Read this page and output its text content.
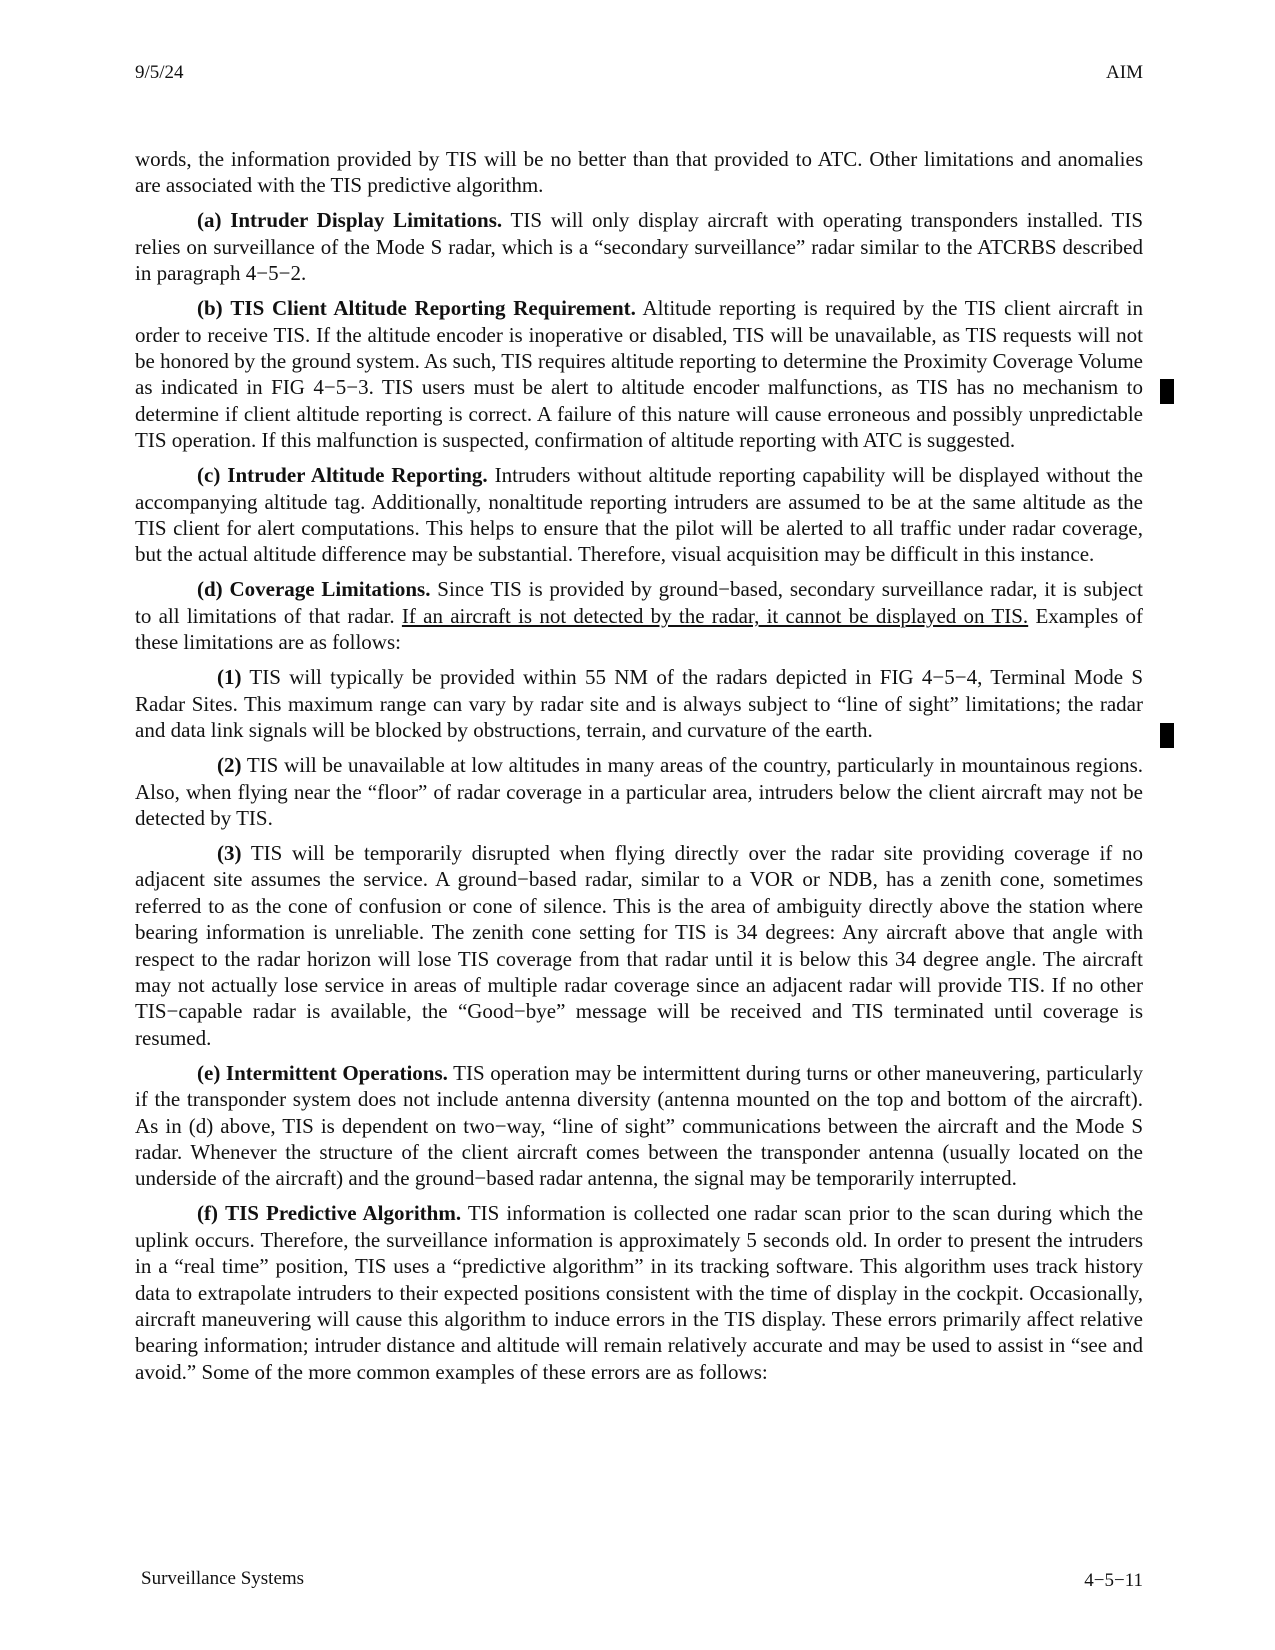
9/5/24	AIM

words, the information provided by TIS will be no better than that provided to ATC. Other limitations and anomalies are associated with the TIS predictive algorithm.

(a) Intruder Display Limitations. TIS will only display aircraft with operating transponders installed. TIS relies on surveillance of the Mode S radar, which is a “secondary surveillance” radar similar to the ATCRBS described in paragraph 4−5−2.

(b) TIS Client Altitude Reporting Requirement. Altitude reporting is required by the TIS client aircraft in order to receive TIS. If the altitude encoder is inoperative or disabled, TIS will be unavailable, as TIS requests will not be honored by the ground system. As such, TIS requires altitude reporting to determine the Proximity Coverage Volume as indicated in FIG 4−5−3. TIS users must be alert to altitude encoder malfunctions, as TIS has no mechanism to determine if client altitude reporting is correct. A failure of this nature will cause erroneous and possibly unpredictable TIS operation. If this malfunction is suspected, confirmation of altitude reporting with ATC is suggested.

(c) Intruder Altitude Reporting. Intruders without altitude reporting capability will be displayed without the accompanying altitude tag. Additionally, nonaltitude reporting intruders are assumed to be at the same altitude as the TIS client for alert computations. This helps to ensure that the pilot will be alerted to all traffic under radar coverage, but the actual altitude difference may be substantial. Therefore, visual acquisition may be difficult in this instance.

(d) Coverage Limitations. Since TIS is provided by ground−based, secondary surveillance radar, it is subject to all limitations of that radar. If an aircraft is not detected by the radar, it cannot be displayed on TIS. Examples of these limitations are as follows:

(1) TIS will typically be provided within 55 NM of the radars depicted in FIG 4−5−4, Terminal Mode S Radar Sites. This maximum range can vary by radar site and is always subject to “line of sight” limitations; the radar and data link signals will be blocked by obstructions, terrain, and curvature of the earth.

(2) TIS will be unavailable at low altitudes in many areas of the country, particularly in mountainous regions. Also, when flying near the “floor” of radar coverage in a particular area, intruders below the client aircraft may not be detected by TIS.

(3) TIS will be temporarily disrupted when flying directly over the radar site providing coverage if no adjacent site assumes the service. A ground−based radar, similar to a VOR or NDB, has a zenith cone, sometimes referred to as the cone of confusion or cone of silence. This is the area of ambiguity directly above the station where bearing information is unreliable. The zenith cone setting for TIS is 34 degrees: Any aircraft above that angle with respect to the radar horizon will lose TIS coverage from that radar until it is below this 34 degree angle. The aircraft may not actually lose service in areas of multiple radar coverage since an adjacent radar will provide TIS. If no other TIS−capable radar is available, the “Good−bye” message will be received and TIS terminated until coverage is resumed.

(e) Intermittent Operations. TIS operation may be intermittent during turns or other maneuvering, particularly if the transponder system does not include antenna diversity (antenna mounted on the top and bottom of the aircraft). As in (d) above, TIS is dependent on two−way, “line of sight” communications between the aircraft and the Mode S radar. Whenever the structure of the client aircraft comes between the transponder antenna (usually located on the underside of the aircraft) and the ground−based radar antenna, the signal may be temporarily interrupted.

(f) TIS Predictive Algorithm. TIS information is collected one radar scan prior to the scan during which the uplink occurs. Therefore, the surveillance information is approximately 5 seconds old. In order to present the intruders in a “real time” position, TIS uses a “predictive algorithm” in its tracking software. This algorithm uses track history data to extrapolate intruders to their expected positions consistent with the time of display in the cockpit. Occasionally, aircraft maneuvering will cause this algorithm to induce errors in the TIS display. These errors primarily affect relative bearing information; intruder distance and altitude will remain relatively accurate and may be used to assist in “see and avoid.” Some of the more common examples of these errors are as follows:

Surveillance Systems	4−5−11
